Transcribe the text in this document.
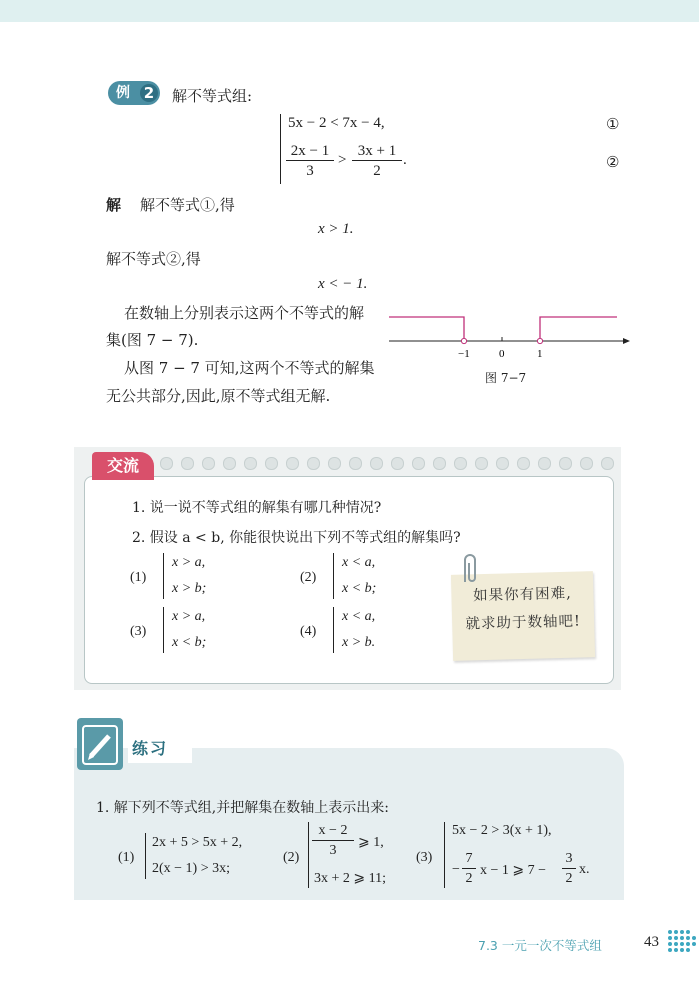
例 2	解不等式组:
5x − 2 < 7x − 4,	①
$\frac{2x - 1}{3} > \frac{3x + 1}{2}$ .	②
解 解不等式①,得
x > 1.
解不等式②,得
x < − 1.
在数轴上分别表示这两个不等式的解
集(图 7 − 7).
从图 7 − 7 可知,这两个不等式的解集
无公共部分,因此,原不等式组无解.
−1	0	1
图 7−7
交流
1. 说一说不等式组的解集有哪几种情况?
2. 假设 a < b, 你能很快说出下列不等式组的解集吗?
(1)
x > a,
x > b;
(2)
x < a,
x < b;
(3)
x > a,
x < b;
(4)
x < a,
x > b.
如果你有困难,
就求助于数轴吧!
练习
1. 解下列不等式组,并把解集在数轴上表示出来:
(1)
2x + 5 > 5x + 2,
2(x − 1) > 3x;
$(2) \frac{x - 2}{3}$ ⩾ 1,
3x + 2 ⩾ 11;
(3)
5x − 2 > 3(x + 1),
− $\frac{7}{2}$ x − 1 ⩾ $7 - \frac{3}{2} x$.
7.3 一元一次不等式组	43
